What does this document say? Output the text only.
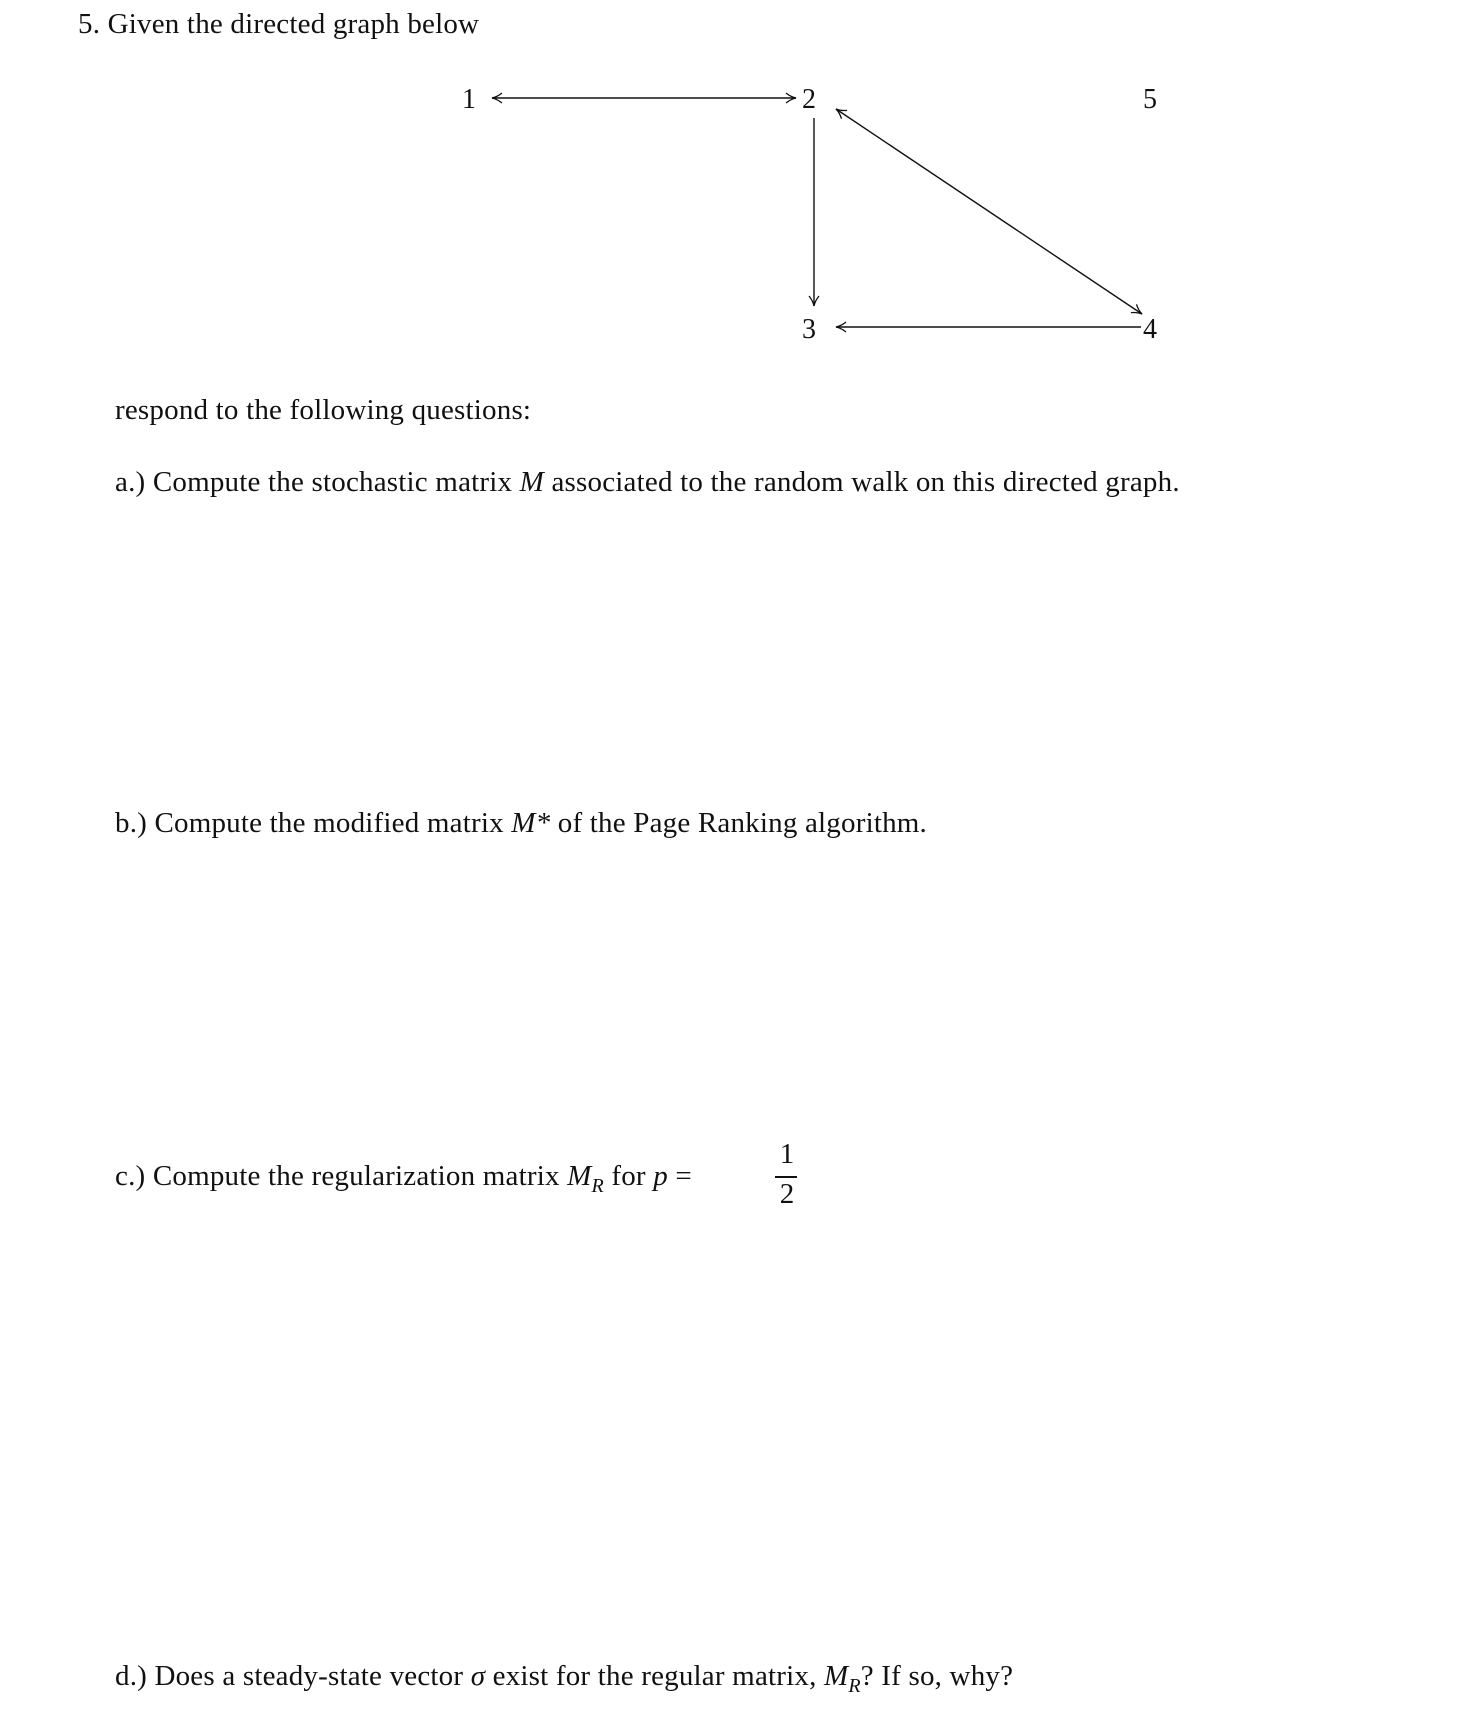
5. Given the directed graph below
1	2
3	4
5
respond to the following questions:
a.) Compute the stochastic matrix M associated to the random walk on this directed graph.
b.) Compute the modified matrix M* of the Page Ranking algorithm.
c.) Compute the regularization matrix $M_R$ for p =
1
2
d.) Does a steady-state vector σ exist for the regular matrix, $M_R$? If so, why?
